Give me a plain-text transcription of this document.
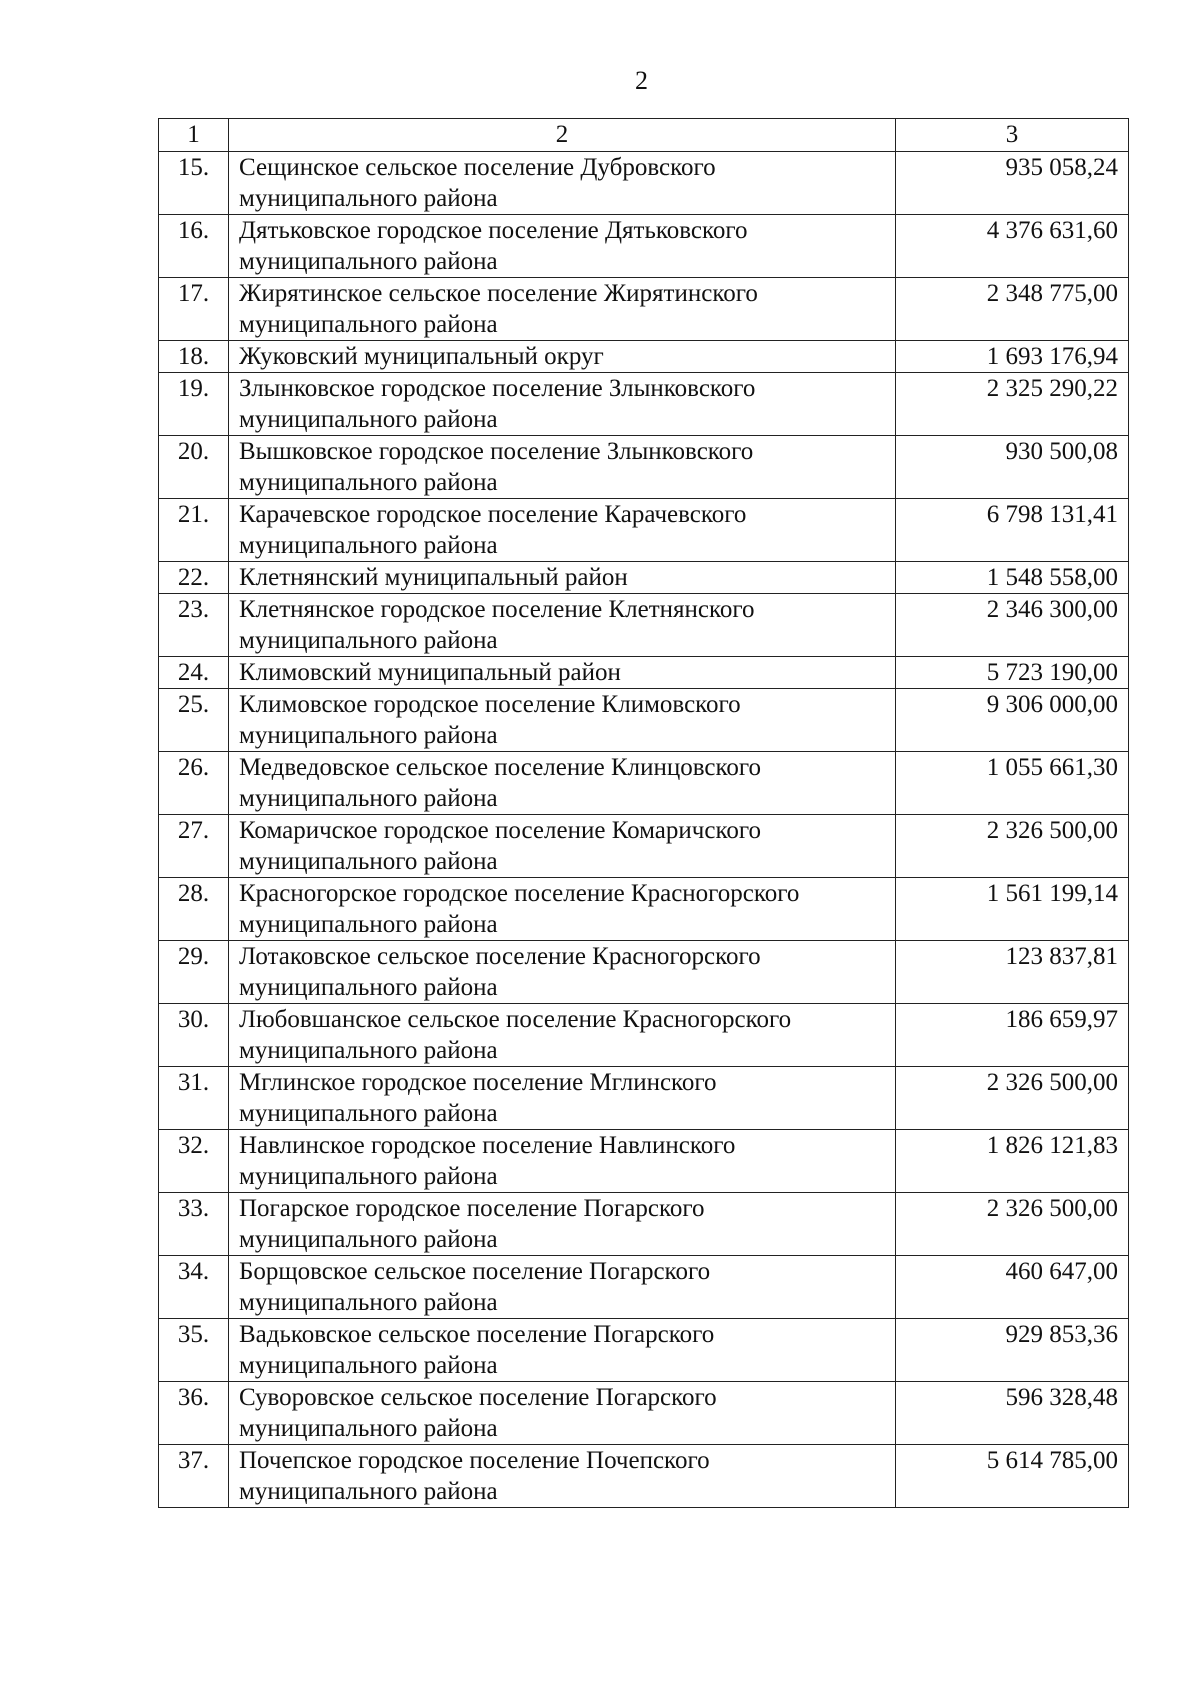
2
1	2	3
15.	Сещинское сельское поселение Дубровского муниципального района	935 058,24
16.	Дятьковское городское поселение Дятьковского муниципального района	4 376 631,60
17.	Жирятинское сельское поселение Жирятинского муниципального района	2 348 775,00
18.	Жуковский муниципальный округ	1 693 176,94
19.	Злынковское городское поселение Злынковского муниципального района	2 325 290,22
20.	Вышковское городское поселение Злынковского муниципального района	930 500,08
21.	Карачевское городское поселение Карачевского муниципального района	6 798 131,41
22.	Клетнянский муниципальный район	1 548 558,00
23.	Клетнянское городское поселение Клетнянского муниципального района	2 346 300,00
24.	Климовский муниципальный район	5 723 190,00
25.	Климовское городское поселение Климовского муниципального района	9 306 000,00
26.	Медведовское сельское поселение Клинцовского муниципального района	1 055 661,30
27.	Комаричское городское поселение Комаричского муниципального района	2 326 500,00
28.	Красногорское городское поселение Красногорского муниципального района	1 561 199,14
29.	Лотаковское сельское поселение Красногорского муниципального района	123 837,81
30.	Любовшанское сельское поселение Красногорского муниципального района	186 659,97
31.	Мглинское городское поселение Мглинского муниципального района	2 326 500,00
32.	Навлинское городское поселение Навлинского муниципального района	1 826 121,83
33.	Погарское городское поселение Погарского муниципального района	2 326 500,00
34.	Борщовское сельское поселение Погарского муниципального района	460 647,00
35.	Вадьковское сельское поселение Погарского муниципального района	929 853,36
36.	Суворовское сельское поселение Погарского муниципального района	596 328,48
37.	Почепское городское поселение Почепского муниципального района	5 614 785,00
